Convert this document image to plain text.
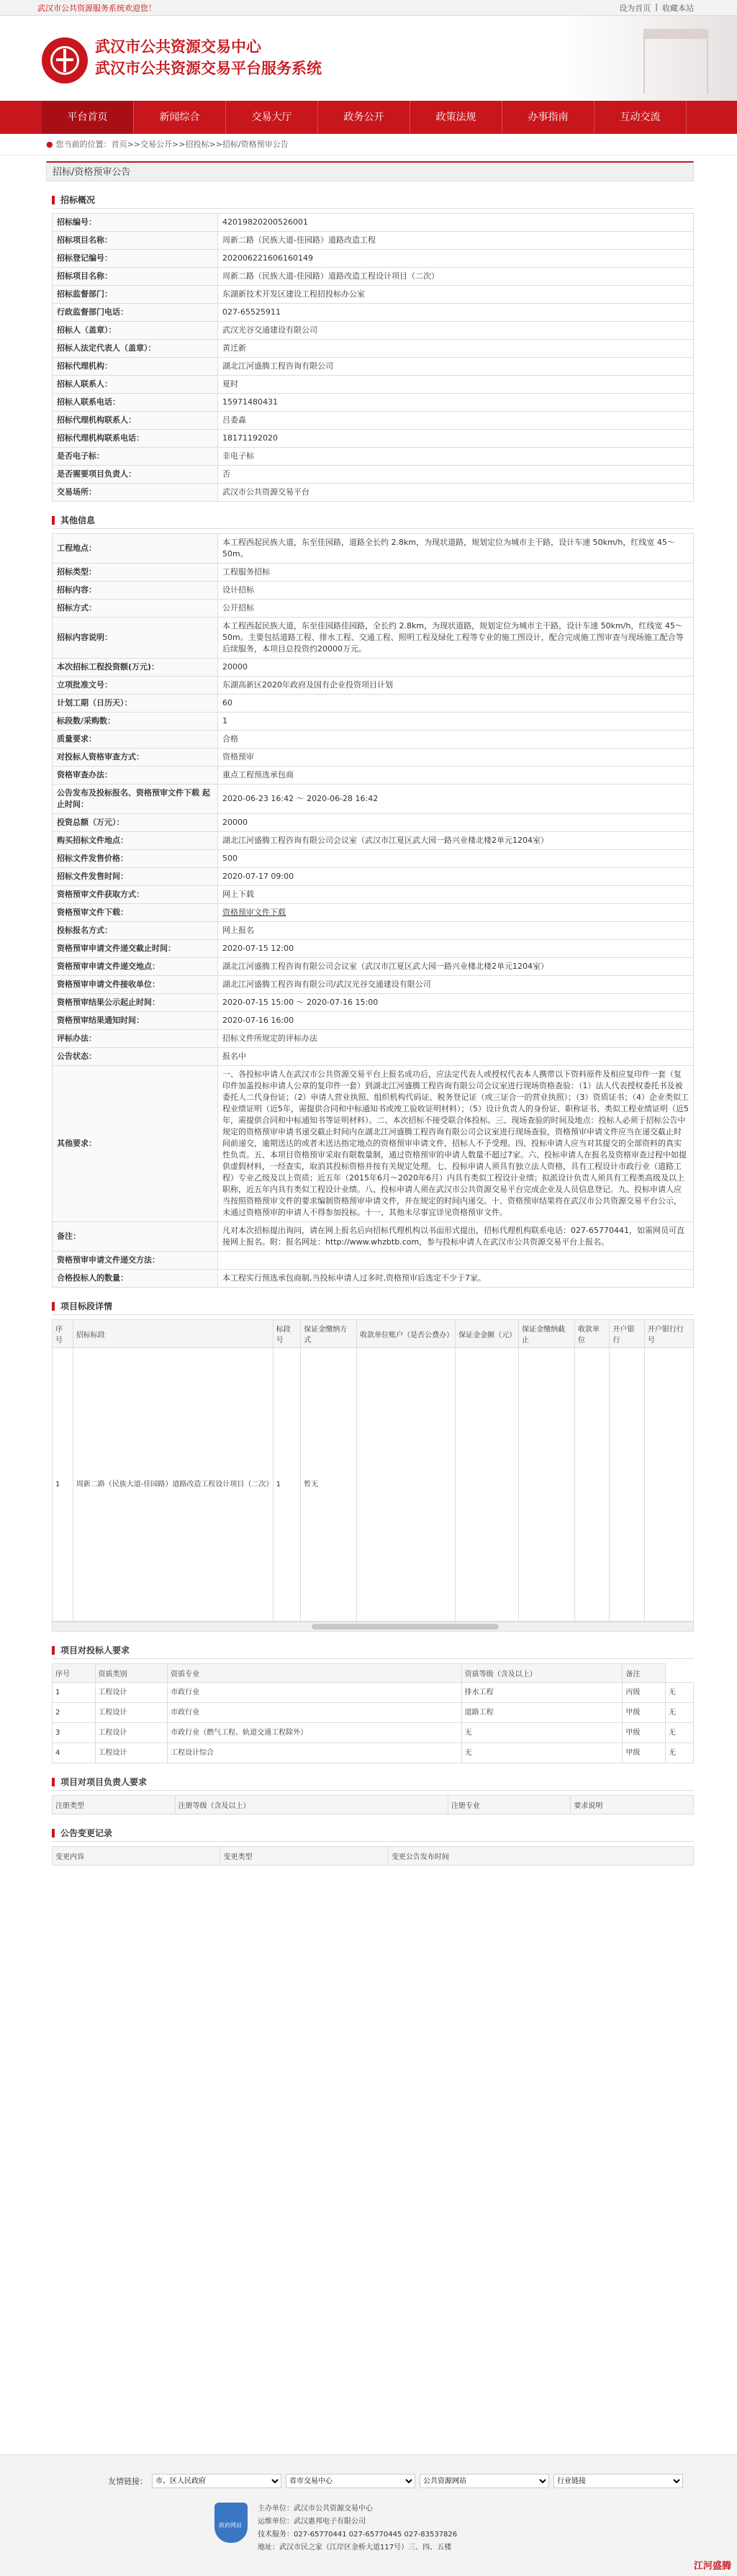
武汉市公共资源服务系统欢迎您！	设为首页 | 收藏本站
武汉市公共资源交易中心
武汉市公共资源交易平台服务系统
平台首页	新闻综合	交易大厅	政务公开	政策法规	办事指南	互动交流
● 您当前的位置：首页>>交易公开>>招投标>>招标/资格预审公告
招标/资格预审公告
招标概况
招标编号：	42019820200526001
招标项目名称：	周新二路（民族大道-佳园路）道路改造工程
招标登记编号：	202006221606160149
招标项目名称：	周新二路（民族大道-佳园路）道路改造工程设计项目（二次）
招标监督部门：	东湖新技术开发区建设工程招投标办公室
行政监督部门电话：	027-65525911
招标人（盖章）：	武汉光谷交通建设有限公司
招标人法定代表人（盖章）：	黄迁新
招标代理机构：	湖北江河盛腾工程咨询有限公司
招标人联系人：	夏时
招标人联系电话：	15971480431
招标代理机构联系人：	吕委淼
招标代理机构联系电话：	18171192020
是否电子标：	非电子标
是否需要项目负责人：	否
交易场所：	武汉市公共资源交易平台
其他信息
工程地点：	本工程西起民族大道，东至佳园路，道路全长约 2.8km，为现状道路，规划定位为城市主干路，设计车速 50km/h，红线宽 45～50m。
招标类型：	工程服务招标
招标内容：	设计招标
招标方式：	公开招标
招标内容说明：	本工程西起民族大道，东至佳园路佳园路，全长约 2.8km，为现状道路，规划定位为城市主干路，设计车速 50km/h，红线宽 45～50m。主要包括道路工程、排水工程、交通工程、照明工程及绿化工程等专业的施工图设计，配合完成施工图审查与现场施工配合等后续服务，本项目总投资约20000万元。
本次招标工程投资额(万元)：	20000
立项批准文号：	东湖高新区2020年政府及国有企业投资项目计划
计划工期（日历天）：	60
标段数/采购数：	1
质量要求：	合格
对投标人资格审查方式：	资格预审
资格审查办法：	重点工程预选承包商
公告发布及投标报名、资格预审文件下载 起止时间：	2020-06-23 16:42 ～ 2020-06-28 16:42
投资总额（万元）：	20000
购买招标文件地点：	湖北江河盛腾工程咨询有限公司会议室（武汉市江夏区武大园一路兴业楼北楼2单元1204室）
招标文件发售价格：	500
招标文件发售时间：	2020-07-17 09:00
资格预审文件获取方式：	网上下载
资格预审文件下载：	资格预审文件下载
投标报名方式：	网上报名
资格预审申请文件递交截止时间：	2020-07-15 12:00
资格预审申请文件递交地点：	湖北江河盛腾工程咨询有限公司会议室（武汉市江夏区武大园一路兴业楼北楼2单元1204室）
资格预审申请文件接收单位：	湖北江河盛腾工程咨询有限公司/武汉光谷交通建设有限公司
资格预审结果公示起止时间：	2020-07-15 15:00 ～ 2020-07-16 15:00
资格预审结果通知时间：	2020-07-16 16:00
评标办法：	招标文件所规定的评标办法
公告状态：	报名中
其他要求：	一、各投标申请人在武汉市公共资源交易平台上报名成功后，应法定代表人或授权代表本人携带以下资料原件及相应复印件一套（复印件加盖投标申请人公章的复印件一套）到湖北江河盛腾工程咨询有限公司会议室进行现场资格查验：（1）法人代表授权委托书及被委托人二代身份证；（2）申请人营业执照、组织机构代码证、税务登记证（或三证合一的营业执照）；（3）资质证书；（4）企业类似工程业绩证明（近5年，需提供合同和中标通知书或竣工验收证明材料）；（5）设计负责人的身份证、职称证书、类似工程业绩证明（近5年，需提供合同和中标通知书等证明材料）。二、本次招标不接受联合体投标。三、现场查验的时间及地点：投标人必须于招标公告中规定的资格预审申请书递交截止时间内在湖北江河盛腾工程咨询有限公司会议室进行现场查验，资格预审申请文件应当在递交截止时间前递交，逾期送达的或者未送达指定地点的资格预审申请文件，招标人不予受理。四、投标申请人应当对其提交的全部资料的真实性负责。五、本项目资格预审采取有限数量制，通过资格预审的申请人数量不超过7家。六、投标申请人在报名及资格审查过程中如提供虚假材料，一经查实，取消其投标资格并按有关规定处理。七、投标申请人须具有独立法人资格，具有工程设计市政行业（道路工程）专业乙级及以上资质；近五年（2015年6月～2020年6月）内具有类似工程设计业绩；拟派设计负责人须具有工程类高级及以上职称，近五年内具有类似工程设计业绩。八、投标申请人须在武汉市公共资源交易平台完成企业及人员信息登记。九、投标申请人应当按照资格预审文件的要求编制资格预审申请文件，并在规定的时间内递交。十、资格预审结果将在武汉市公共资源交易平台公示，未通过资格预审的申请人不得参加投标。十一、其他未尽事宜详见资格预审文件。
备注：	凡对本次招标提出询问，请在网上报名后向招标代理机构以书面形式提出，招标代理机构联系电话：027-65770441，如需网员可直接网上报名。附：报名网址：http://www.whzbtb.com，参与投标申请人在武汉市公共资源交易平台上报名。
资格预审申请文件递交方法：	
合格投标人的数量：	本工程实行预选承包商制,当投标申请人过多时,资格预审后选定不少于7家。
项目标段详情
序号	招标标段	标段号	保证金缴纳方式	收款单位账户（是否公费办）	保证金金额（元）	保证金缴纳截止	收款单位	开户银行	开户银行行号
1	周新二路（民族大道-佳园路）道路改造工程设计项目（二次）	1	暂无						
项目对投标人要求
序号	资质类别	资质专业	资质等级（含及以上）	备注	
1	工程设计	市政行业	排水工程	丙级	无
2	工程设计	市政行业	道路工程	甲级	无
3	工程设计	市政行业（燃气工程、轨道交通工程除外）	无	甲级	无
4	工程设计	工程设计综合	无	甲级	无
项目对项目负责人要求
注册类型	注册等级（含及以上）	注册专业	要求说明
公告变更记录
变更内容	变更类型	变更公告发布时间
友情链接：
市、区人民政府
省市交易中心
公共资源网站
行业链接
政府网站
主办单位：武汉市公共资源交易中心
运维单位：武汉惠邦电子有限公司
技术服务：027-65770441 027-65770445 027-83537826
地址：武汉市民之家（江岸区金桥大道117号）三、四、五楼
江河盛腾
